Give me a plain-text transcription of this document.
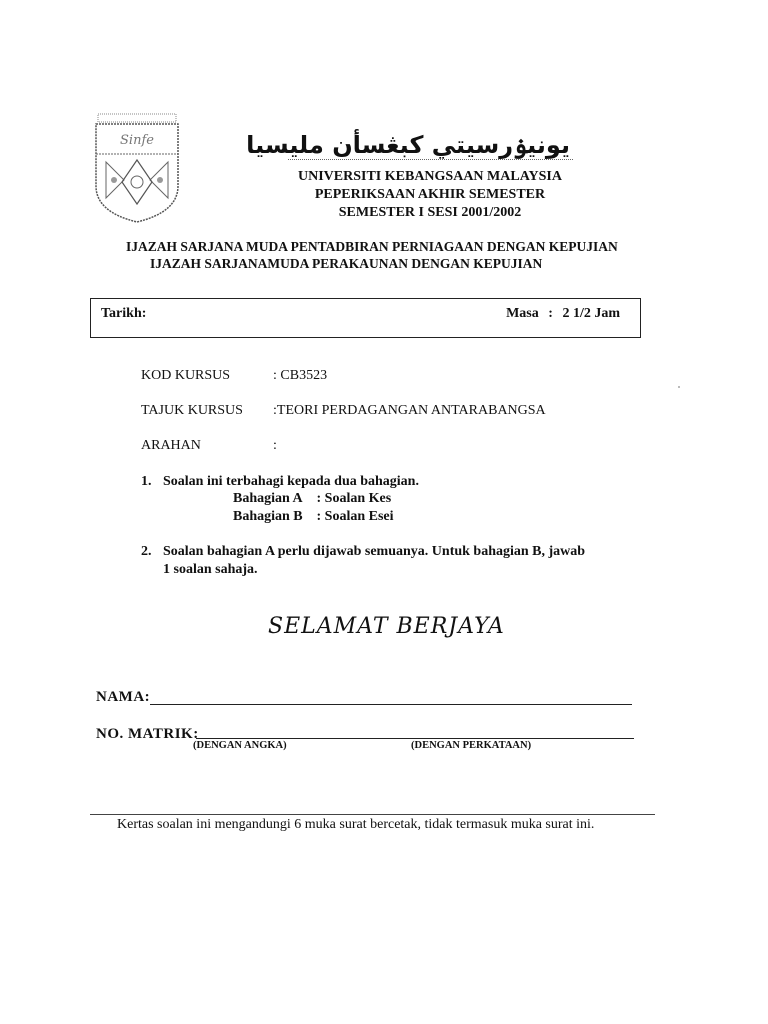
Sinfe	يونيۏرسيتي كبڠسأن مليسيا
UNIVERSITI KEBANGSAAN MALAYSIA
PEPERIKSAAN AKHIR SEMESTER
SEMESTER I SESI 2001/2002
IJAZAH SARJANA MUDA PENTADBIRAN PERNIAGAAN DENGAN KEPUJIAN
IJAZAH SARJANAMUDA PERAKAUNAN DENGAN KEPUJIAN
Tarikh:	Masa : 2 1/2 Jam
KOD KURSUS	: CB3523
TAJUK KURSUS :TEORI PERDAGANGAN ANTARABANGSA
ARAHAN	:
1. Soalan ini terbahagi kepada dua bahagian.
Bahagian A : Soalan Kes
Bahagian B : Soalan Esei
2. Soalan bahagian A perlu dijawab semuanya. Untuk bahagian B, jawab
1 soalan sahaja.
SELAMAT BERJAYA
NAMA:
NO. MATRIK:
(DENGAN ANGKA)	(DENGAN PERKATAAN)
Kertas soalan ini mengandungi 6 muka surat bercetak, tidak termasuk muka surat ini.
